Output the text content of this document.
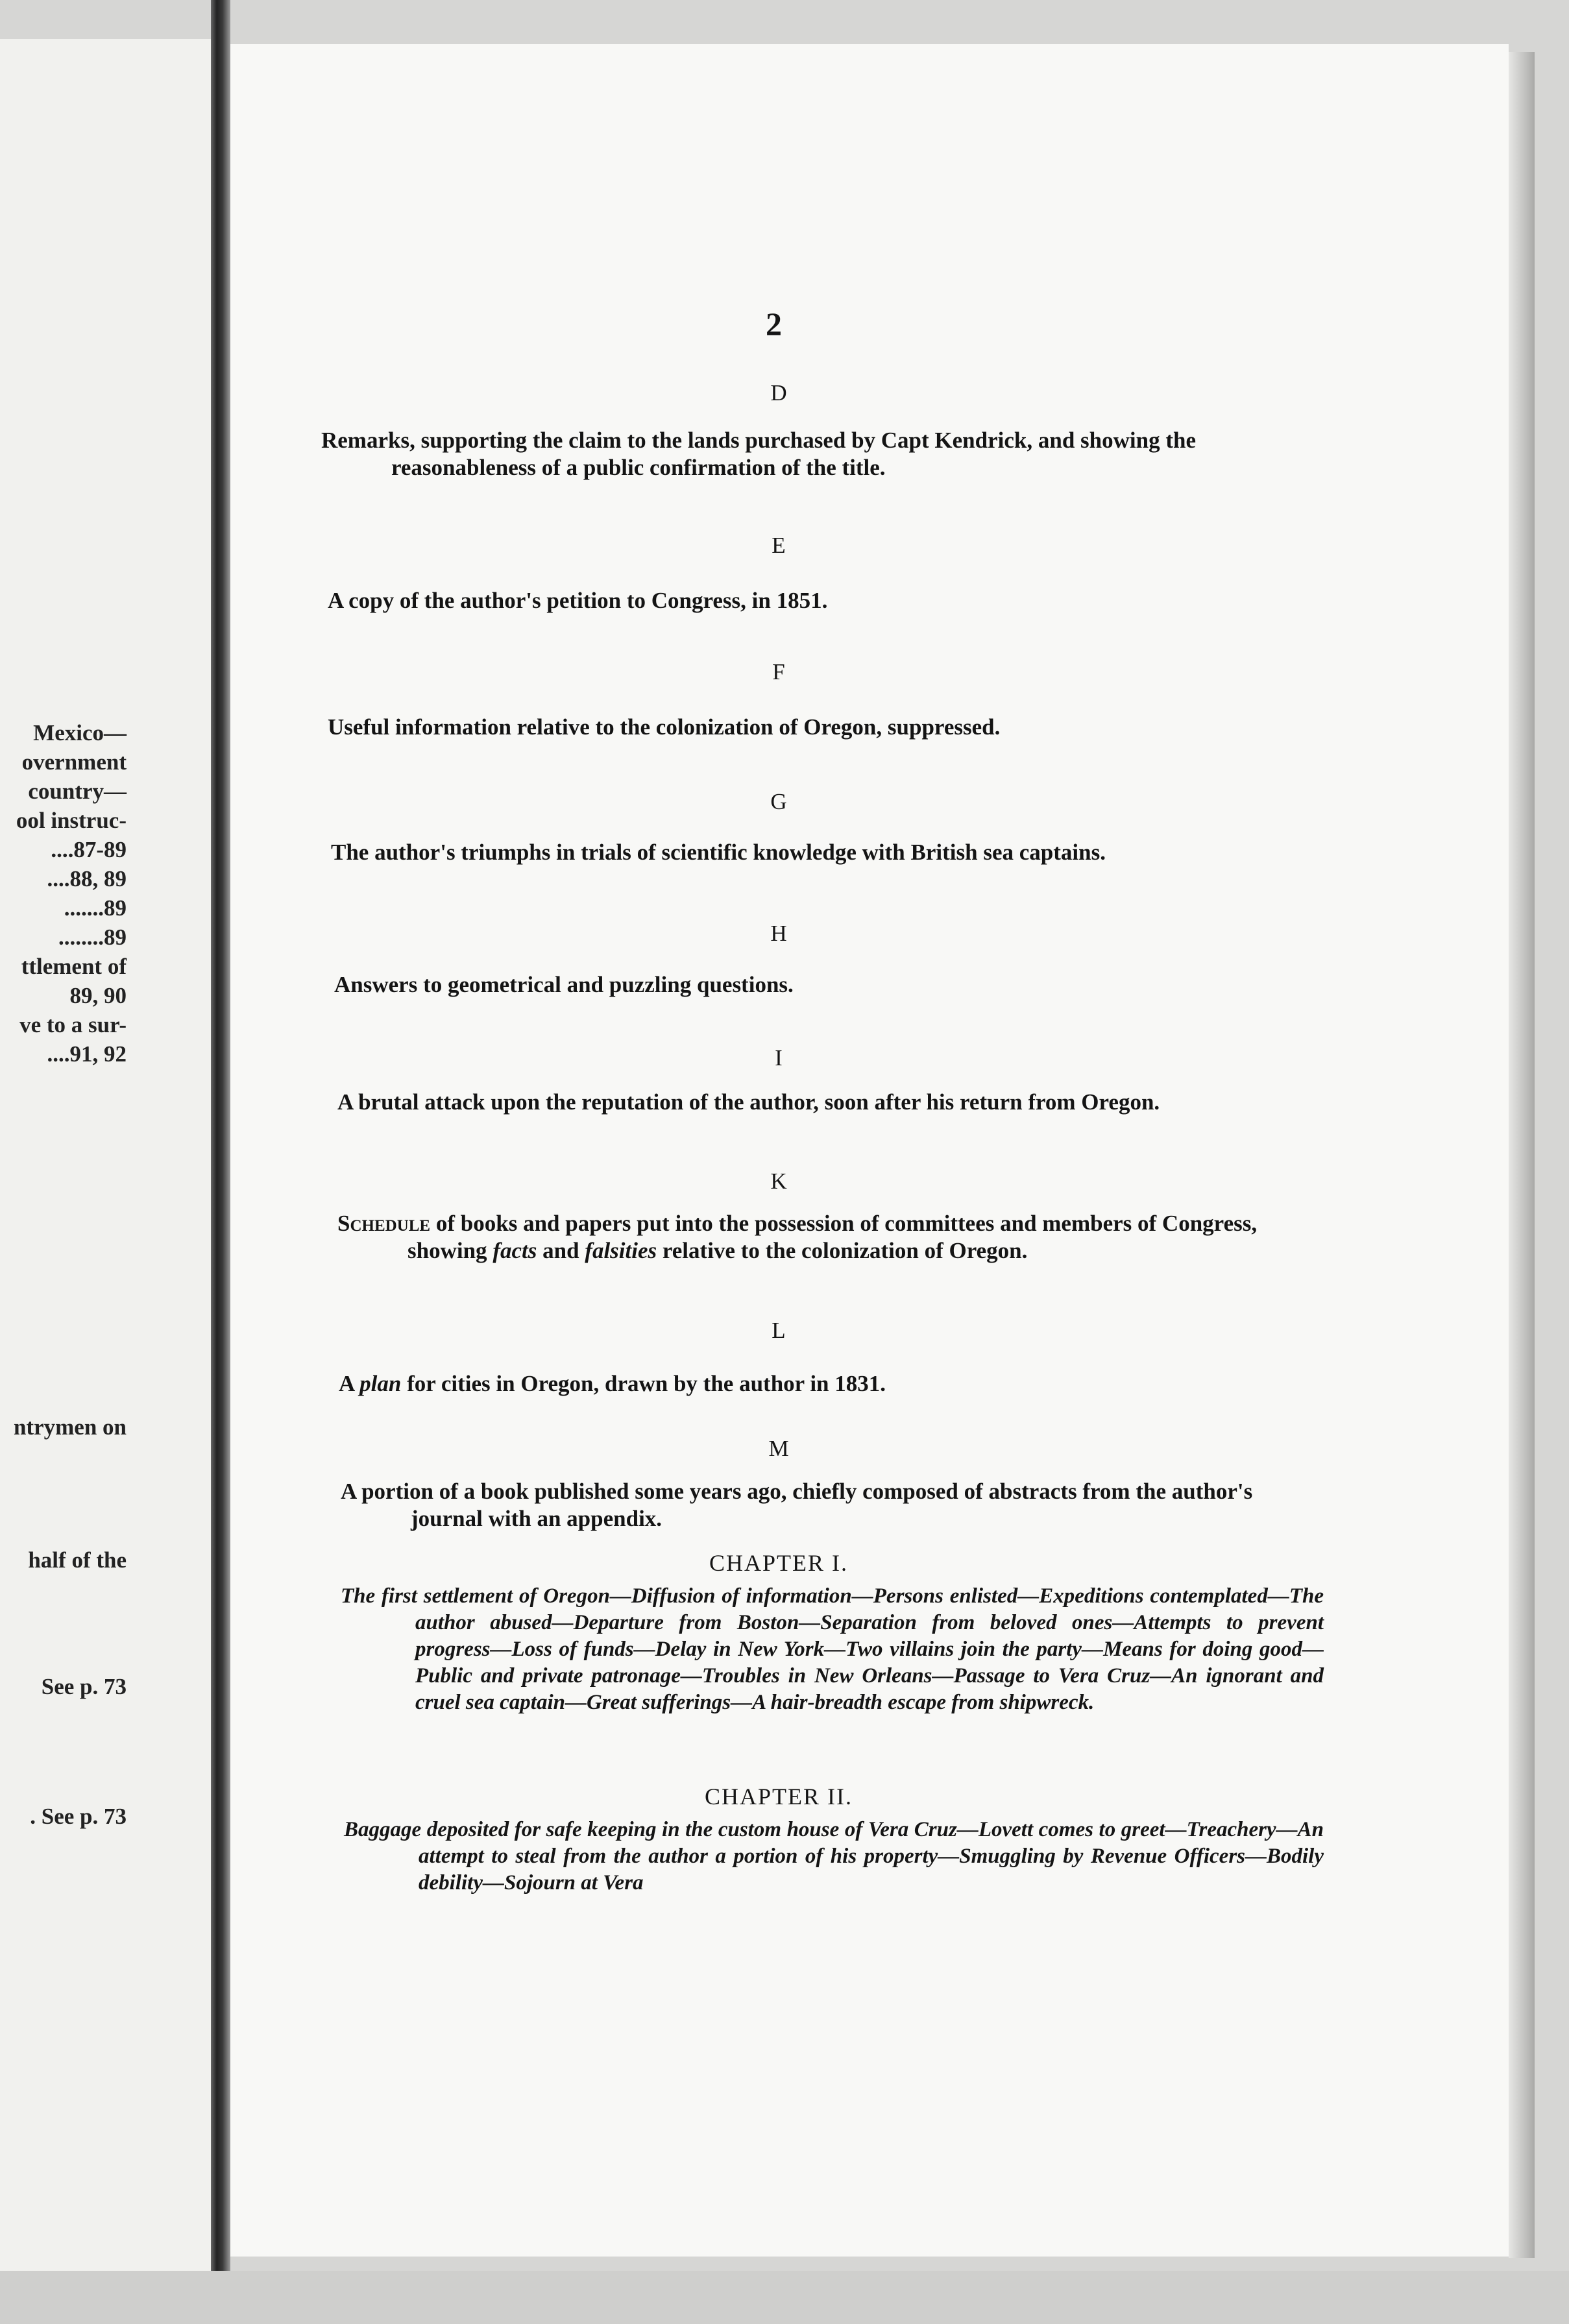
Mexico—
overnment
country—
ool instruc-
....87-89
....88, 89
.......89
........89
ttlement of
89, 90
ve to a sur-
....91, 92
ntrymen on
half of the
See p. 73
. See p. 73
2
D
Remarks, supporting the claim to the lands purchased by Capt Kendrick, and showing the reasonableness of a public confirmation of the title.
E
A copy of the author's petition to Congress, in 1851.
F
Useful information relative to the colonization of Oregon, suppressed.
G
The author's triumphs in trials of scientific knowledge with British sea captains.
H
Answers to geometrical and puzzling questions.
I
A brutal attack upon the reputation of the author, soon after his return from Oregon.
K
Schedule of books and papers put into the possession of committees and members of Congress, showing facts and falsities relative to the colonization of Oregon.
L
A plan for cities in Oregon, drawn by the author in 1831.
M
A portion of a book published some years ago, chiefly composed of abstracts from the author's journal with an appendix.
CHAPTER I.
The first settlement of Oregon—Diffusion of information—Persons enlisted—Expeditions contemplated—The author abused—Departure from Boston—Separation from beloved ones—Attempts to prevent progress—Loss of funds—Delay in New York—Two villains join the party—Means for doing good—Public and private patronage—Troubles in New Orleans—Passage to Vera Cruz—An ignorant and cruel sea captain—Great sufferings—A hair-breadth escape from shipwreck.
CHAPTER II.
Baggage deposited for safe keeping in the custom house of Vera Cruz—Lovett comes to greet—Treachery—An attempt to steal from the author a portion of his property—Smuggling by Revenue Officers—Bodily debility—Sojourn at Vera
